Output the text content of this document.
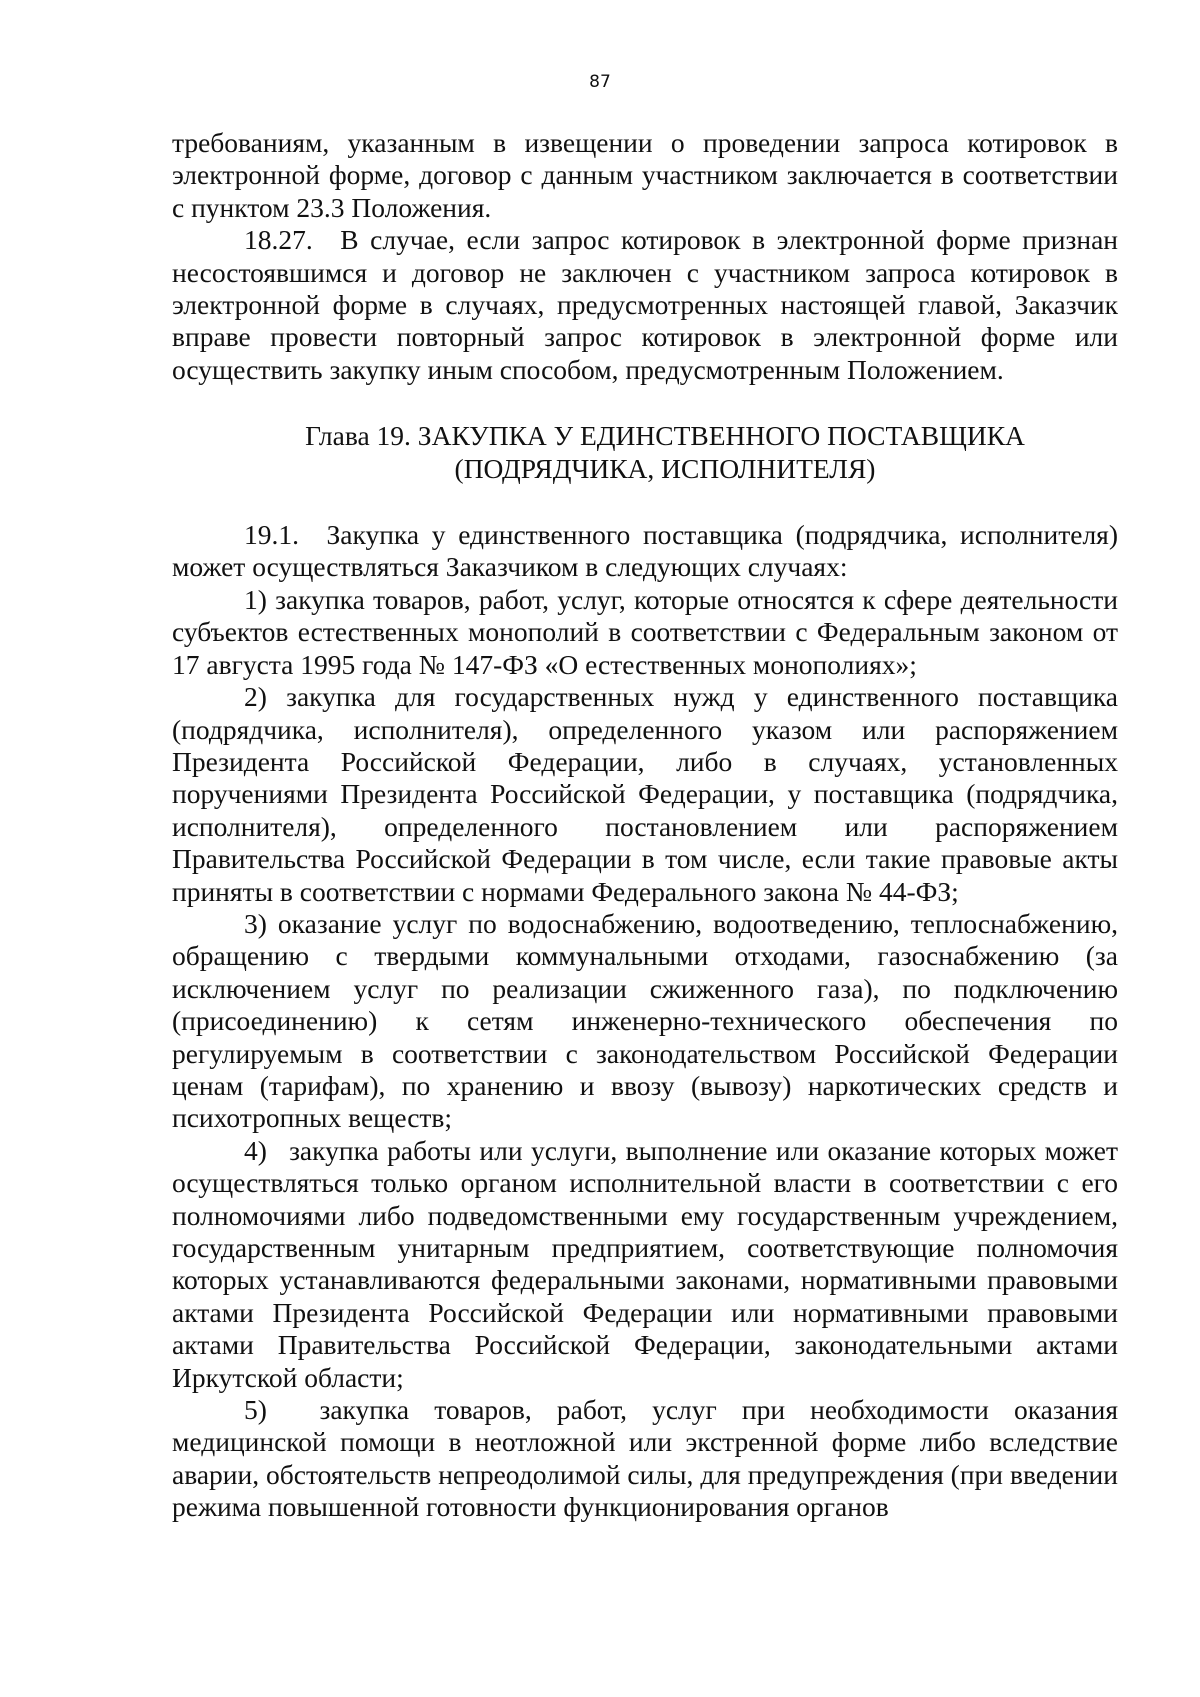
87

требованиям, указанным в извещении о проведении запроса котировок в электронной форме, договор с данным участником заключается в соответствии с пунктом 23.3 Положения.

18.27. В случае, если запрос котировок в электронной форме признан несостоявшимся и договор не заключен с участником запроса котировок в электронной форме в случаях, предусмотренных настоящей главой, Заказчик вправе провести повторный запрос котировок в электронной форме или осуществить закупку иным способом, предусмотренным Положением.

Глава 19. ЗАКУПКА У ЕДИНСТВЕННОГО ПОСТАВЩИКА
(ПОДРЯДЧИКА, ИСПОЛНИТЕЛЯ)

19.1. Закупка у единственного поставщика (подрядчика, исполнителя) может осуществляться Заказчиком в следующих случаях:

1) закупка товаров, работ, услуг, которые относятся к сфере деятельности субъектов естественных монополий в соответствии с Федеральным законом от 17 августа 1995 года № 147-ФЗ «О естественных монополиях»;

2) закупка для государственных нужд у единственного поставщика (подрядчика, исполнителя), определенного указом или распоряжением Президента Российской Федерации, либо в случаях, установленных поручениями Президента Российской Федерации, у поставщика (подрядчика, исполнителя), определенного постановлением или распоряжением Правительства Российской Федерации в том числе, если такие правовые акты приняты в соответствии с нормами Федерального закона № 44-ФЗ;

3) оказание услуг по водоснабжению, водоотведению, теплоснабжению, обращению с твердыми коммунальными отходами, газоснабжению (за исключением услуг по реализации сжиженного газа), по подключению (присоединению) к сетям инженерно-технического обеспечения по регулируемым в соответствии с законодательством Российской Федерации ценам (тарифам), по хранению и ввозу (вывозу) наркотических средств и психотропных веществ;

4)  закупка работы или услуги, выполнение или оказание которых может осуществляться только органом исполнительной власти в соответствии с его полномочиями либо подведомственными ему государственным учреждением, государственным унитарным предприятием, соответствующие полномочия которых устанавливаются федеральными законами, нормативными правовыми актами Президента Российской Федерации или нормативными правовыми актами Правительства Российской Федерации, законодательными актами Иркутской области;

5)  закупка товаров, работ, услуг при необходимости оказания медицинской помощи в неотложной или экстренной форме либо вследствие аварии, обстоятельств непреодолимой силы, для предупреждения (при введении режима повышенной готовности функционирования органов
